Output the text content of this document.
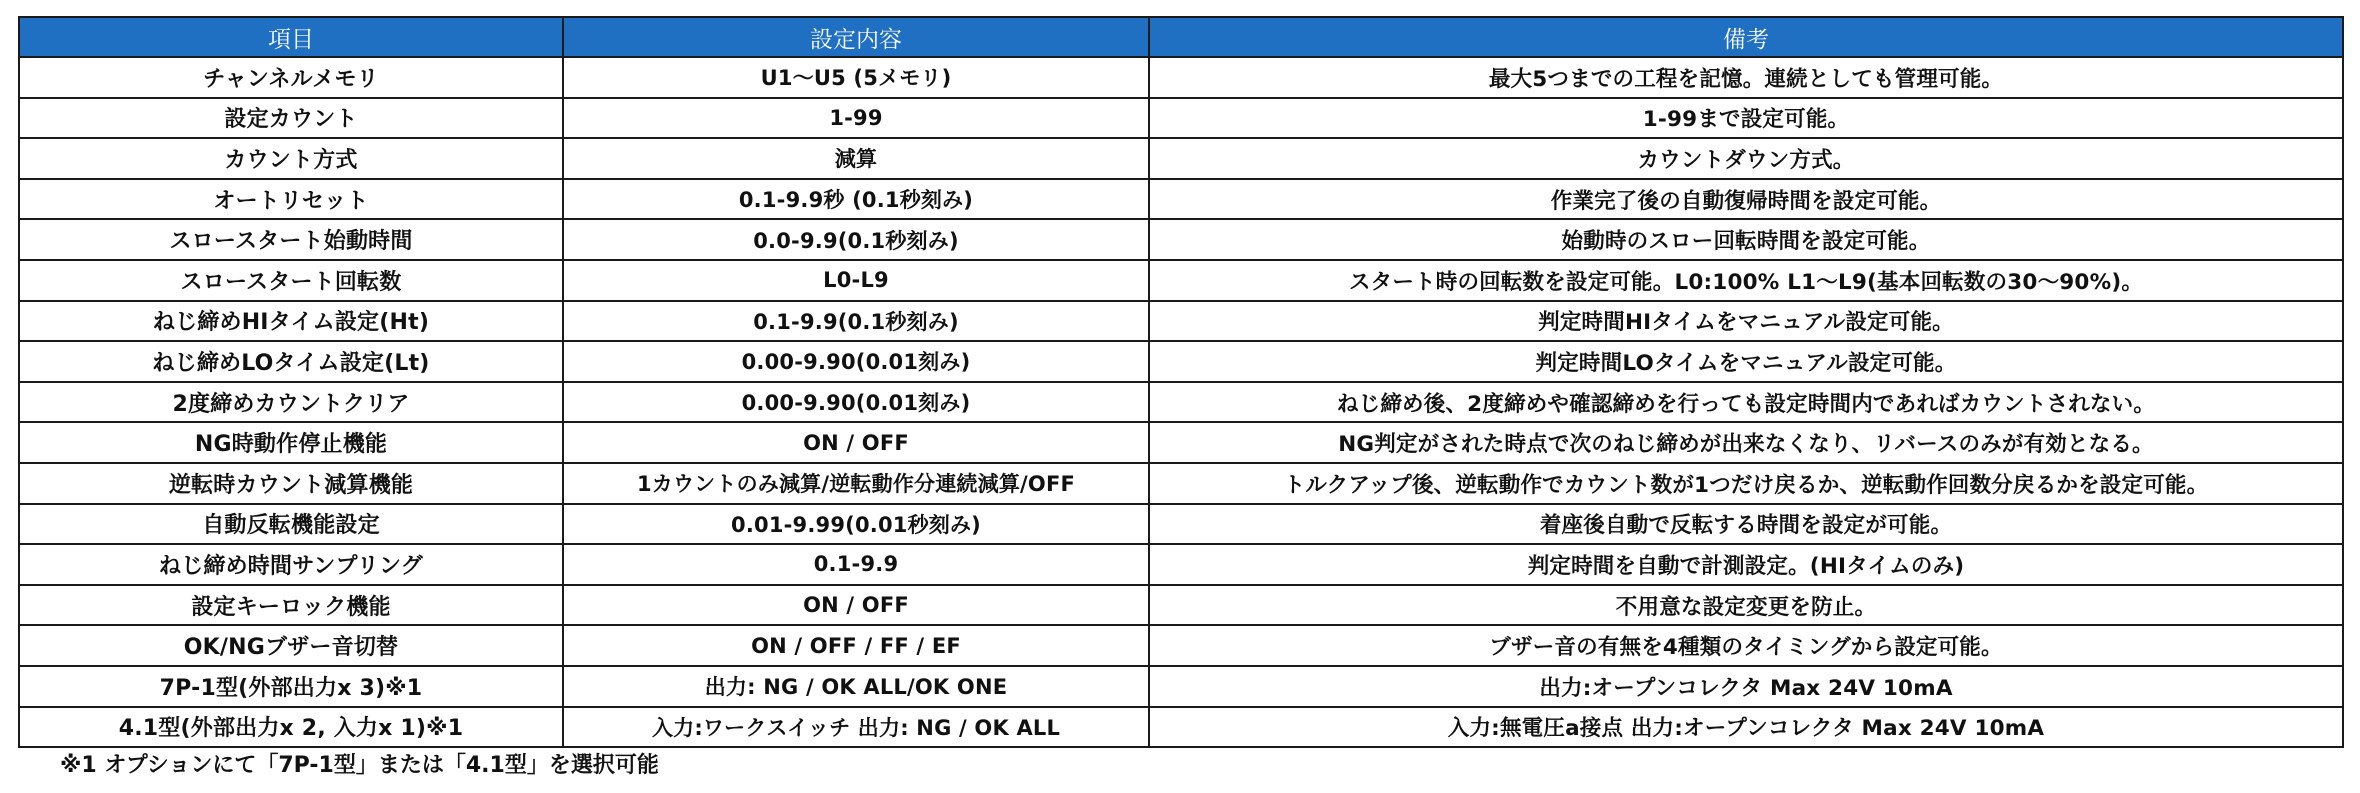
項目	設定内容	備考
チャンネルメモリ	U1～U5 (5メモリ)	最大5つまでの工程を記憶。連続としても管理可能。
設定カウント	1-99	1-99まで設定可能。
カウント方式	減算	カウントダウン方式。
オートリセット	0.1-9.9秒 (0.1秒刻み)	作業完了後の自動復帰時間を設定可能。
スロースタート始動時間	0.0-9.9(0.1秒刻み)	始動時のスロー回転時間を設定可能。
スロースタート回転数	L0-L9	スタート時の回転数を設定可能。L0:100% L1～L9(基本回転数の30～90%)。
ねじ締めHIタイム設定(Ht)	0.1-9.9(0.1秒刻み)	判定時間HIタイムをマニュアル設定可能。
ねじ締めLOタイム設定(Lt)	0.00-9.90(0.01刻み)	判定時間LOタイムをマニュアル設定可能。
2度締めカウントクリア	0.00-9.90(0.01刻み)	ねじ締め後、2度締めや確認締めを行っても設定時間内であればカウントされない。
NG時動作停止機能	ON / OFF	NG判定がされた時点で次のねじ締めが出来なくなり、リバースのみが有効となる。
逆転時カウント減算機能	1カウントのみ減算/逆転動作分連続減算/OFF	トルクアップ後、逆転動作でカウント数が1つだけ戻るか、逆転動作回数分戻るかを設定可能。
自動反転機能設定	0.01-9.99(0.01秒刻み)	着座後自動で反転する時間を設定が可能。
ねじ締め時間サンプリング	0.1-9.9	判定時間を自動で計測設定。(HIタイムのみ)
設定キーロック機能	ON / OFF	不用意な設定変更を防止。
OK/NGブザー音切替	ON / OFF / FF / EF	ブザー音の有無を4種類のタイミングから設定可能。
7P-1型(外部出力x 3)※1	出力: NG / OK ALL/OK ONE	出力:オープンコレクタ Max 24V 10mA
4.1型(外部出力x 2, 入力x 1)※1	入力:ワークスイッチ 出力: NG / OK ALL	入力:無電圧a接点 出力:オープンコレクタ Max 24V 10mA
※1 オプションにて「7P-1型」または「4.1型」を選択可能
